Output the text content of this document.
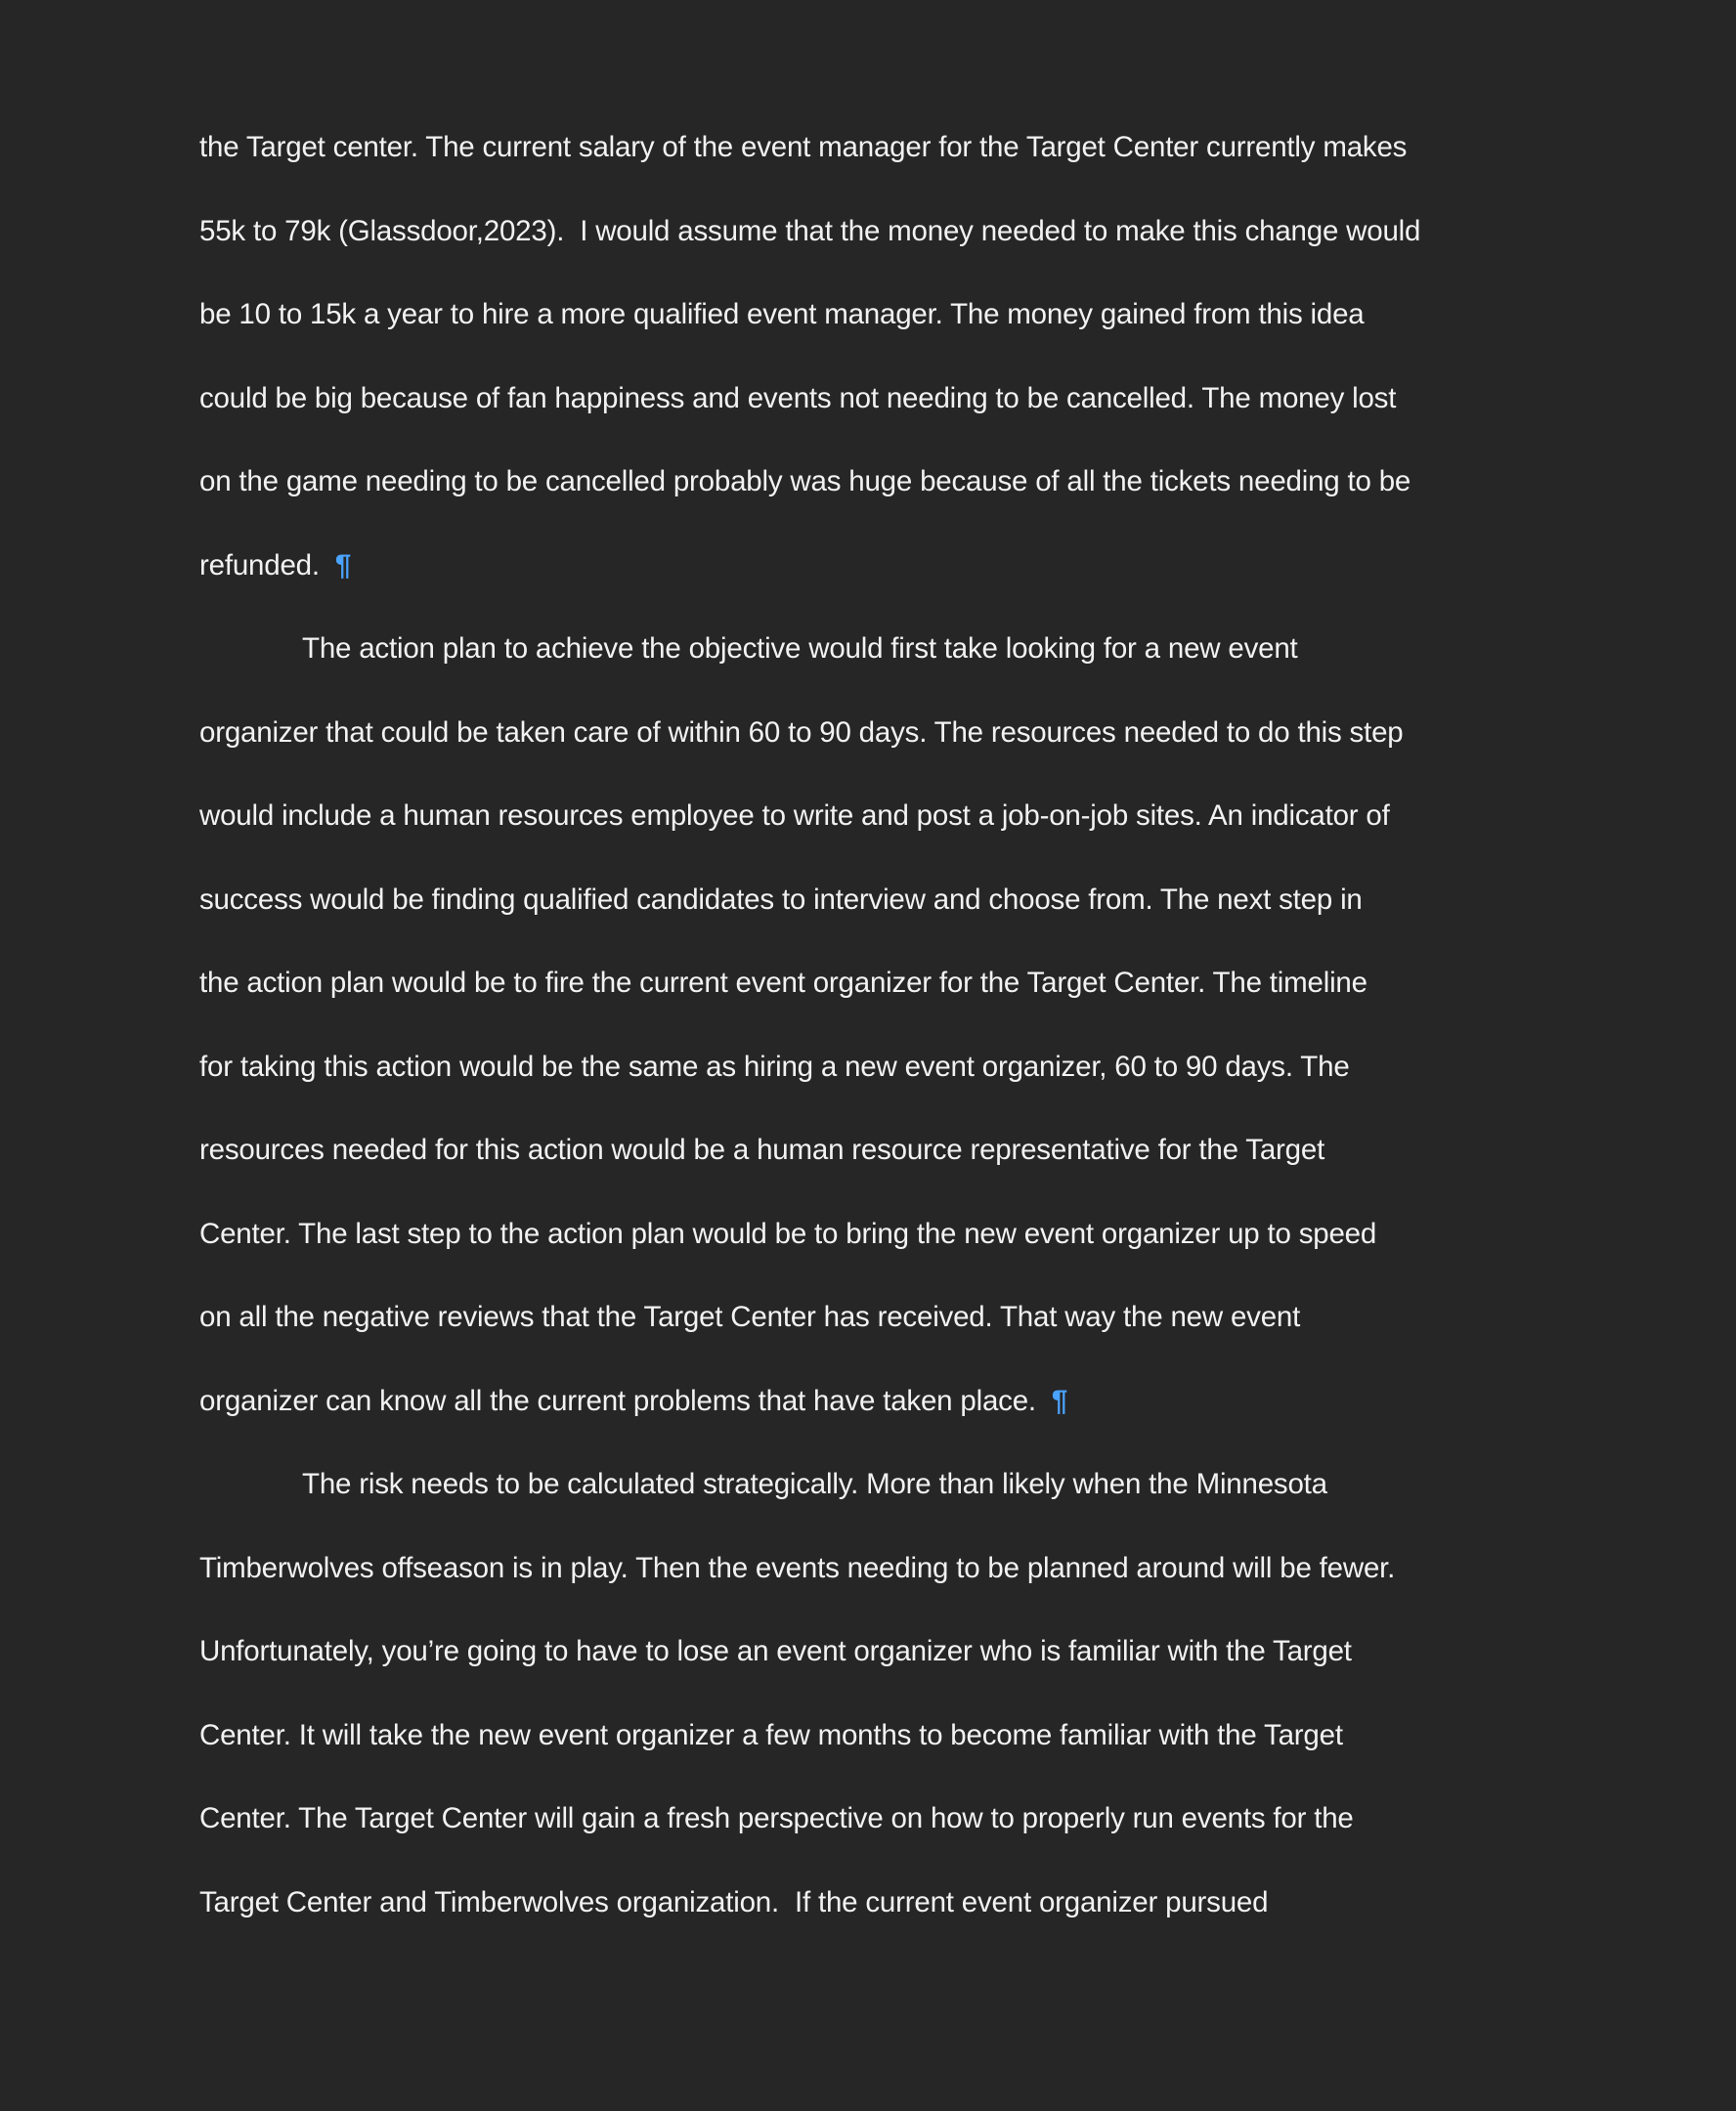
the Target center. The current salary of the event manager for the Target Center currently makes
55k to 79k (Glassdoor,2023).  I would assume that the money needed to make this change would
be 10 to 15k a year to hire a more qualified event manager. The money gained from this idea
could be big because of fan happiness and events not needing to be cancelled. The money lost
on the game needing to be cancelled probably was huge because of all the tickets needing to be
refunded.  ¶
The action plan to achieve the objective would first take looking for a new event
organizer that could be taken care of within 60 to 90 days. The resources needed to do this step
would include a human resources employee to write and post a job-on-job sites. An indicator of
success would be finding qualified candidates to interview and choose from. The next step in
the action plan would be to fire the current event organizer for the Target Center. The timeline
for taking this action would be the same as hiring a new event organizer, 60 to 90 days. The
resources needed for this action would be a human resource representative for the Target
Center. The last step to the action plan would be to bring the new event organizer up to speed
on all the negative reviews that the Target Center has received. That way the new event
organizer can know all the current problems that have taken place.  ¶
The risk needs to be calculated strategically. More than likely when the Minnesota
Timberwolves offseason is in play. Then the events needing to be planned around will be fewer.
Unfortunately, you’re going to have to lose an event organizer who is familiar with the Target
Center. It will take the new event organizer a few months to become familiar with the Target
Center. The Target Center will gain a fresh perspective on how to properly run events for the
Target Center and Timberwolves organization.  If the current event organizer pursued
